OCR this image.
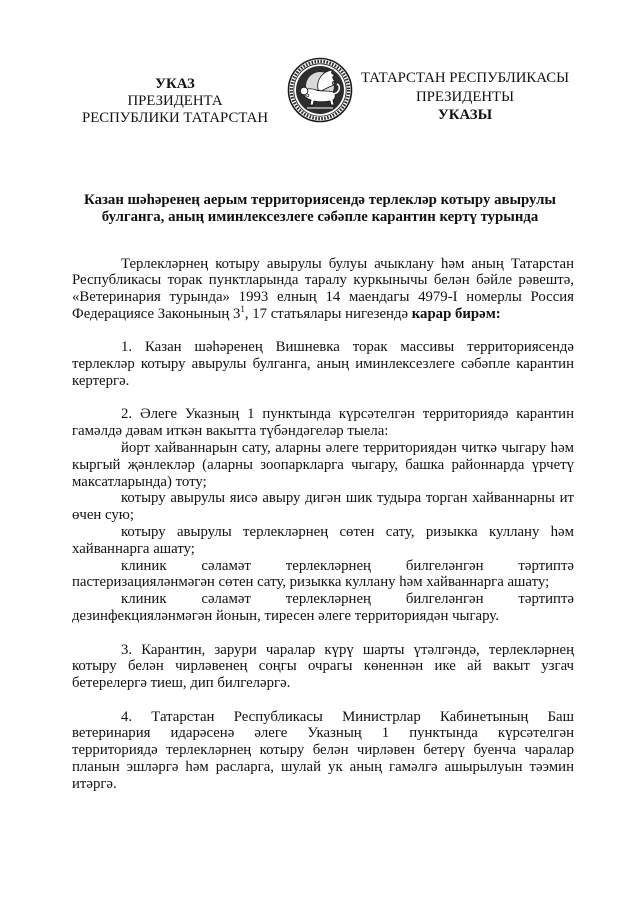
УКАЗ
ПРЕЗИДЕНТА
РЕСПУБЛИКИ ТАТАРСТАН
ТАТАРСТАН РЕСПУБЛИКАСЫ
ПРЕЗИДЕНТЫ
УКАЗЫ
Казан шәһәренең аерым территориясендә терлекләр котыру авырулы
булганга, аның иминлексезлеге сәбәпле карантин кертү турында
Терлекләрнең котыру авырулы булуы ачыклану һәм аның Татарстан
Республикасы торак пунктларында таралу куркынычы белән бәйле рәвештә,
«Ветеринария турында» 1993 елның 14 маендагы 4979-I номерлы Россия
Федерациясе Законының $3^1$, 17 статьялары нигезендә карар бирәм:
1. Казан шәһәренең Вишневка торак массивы территориясендә
терлекләр котыру авырулы булганга, аның иминлексезлеге сәбәпле карантин
кертергә.
2. Әлеге Указның 1 пунктында күрсәтелгән территориядә карантин
гамәлдә дәвам иткән вакытта түбәндәгеләр тыела:
йорт хайваннарын сату, аларны әлеге территориядән читкә чыгару һәм
кыргый җәнлекләр (аларны зоопаркларга чыгару, башка районнарда үрчетү
максатларында) тоту;
котыру авырулы яисә авыру дигән шик тудыра торган хайваннарны ит
өчен сую;
котыру авырулы терлекләрнең сөтен сату, ризыкка куллану һәм
хайваннарга ашату;
клиник сәламәт терлекләрнең билгеләнгән тәртиптә
пастеризацияләнмәгән сөтен сату, ризыкка куллану һәм хайваннарга ашату;
клиник сәламәт терлекләрнең билгеләнгән тәртиптә
дезинфекцияләнмәгән йонын, тиресен әлеге территориядән чыгару.
3. Карантин, зарури чаралар күрү шарты үтәлгәндә, терлекләрнең
котыру белән чирләвенең соңгы очрагы көненнән ике ай вакыт узгач
бетерелергә тиеш, дип билгеләргә.
4. Татарстан Республикасы Министрлар Кабинетының Баш
ветеринария идарәсенә әлеге Указның 1 пунктында күрсәтелгән
территориядә терлекләрнең котыру белән чирләвен бетерү буенча чаралар
планын эшләргә һәм расларга, шулай ук аның гамәлгә ашырылуын тәэмин
итәргә.
